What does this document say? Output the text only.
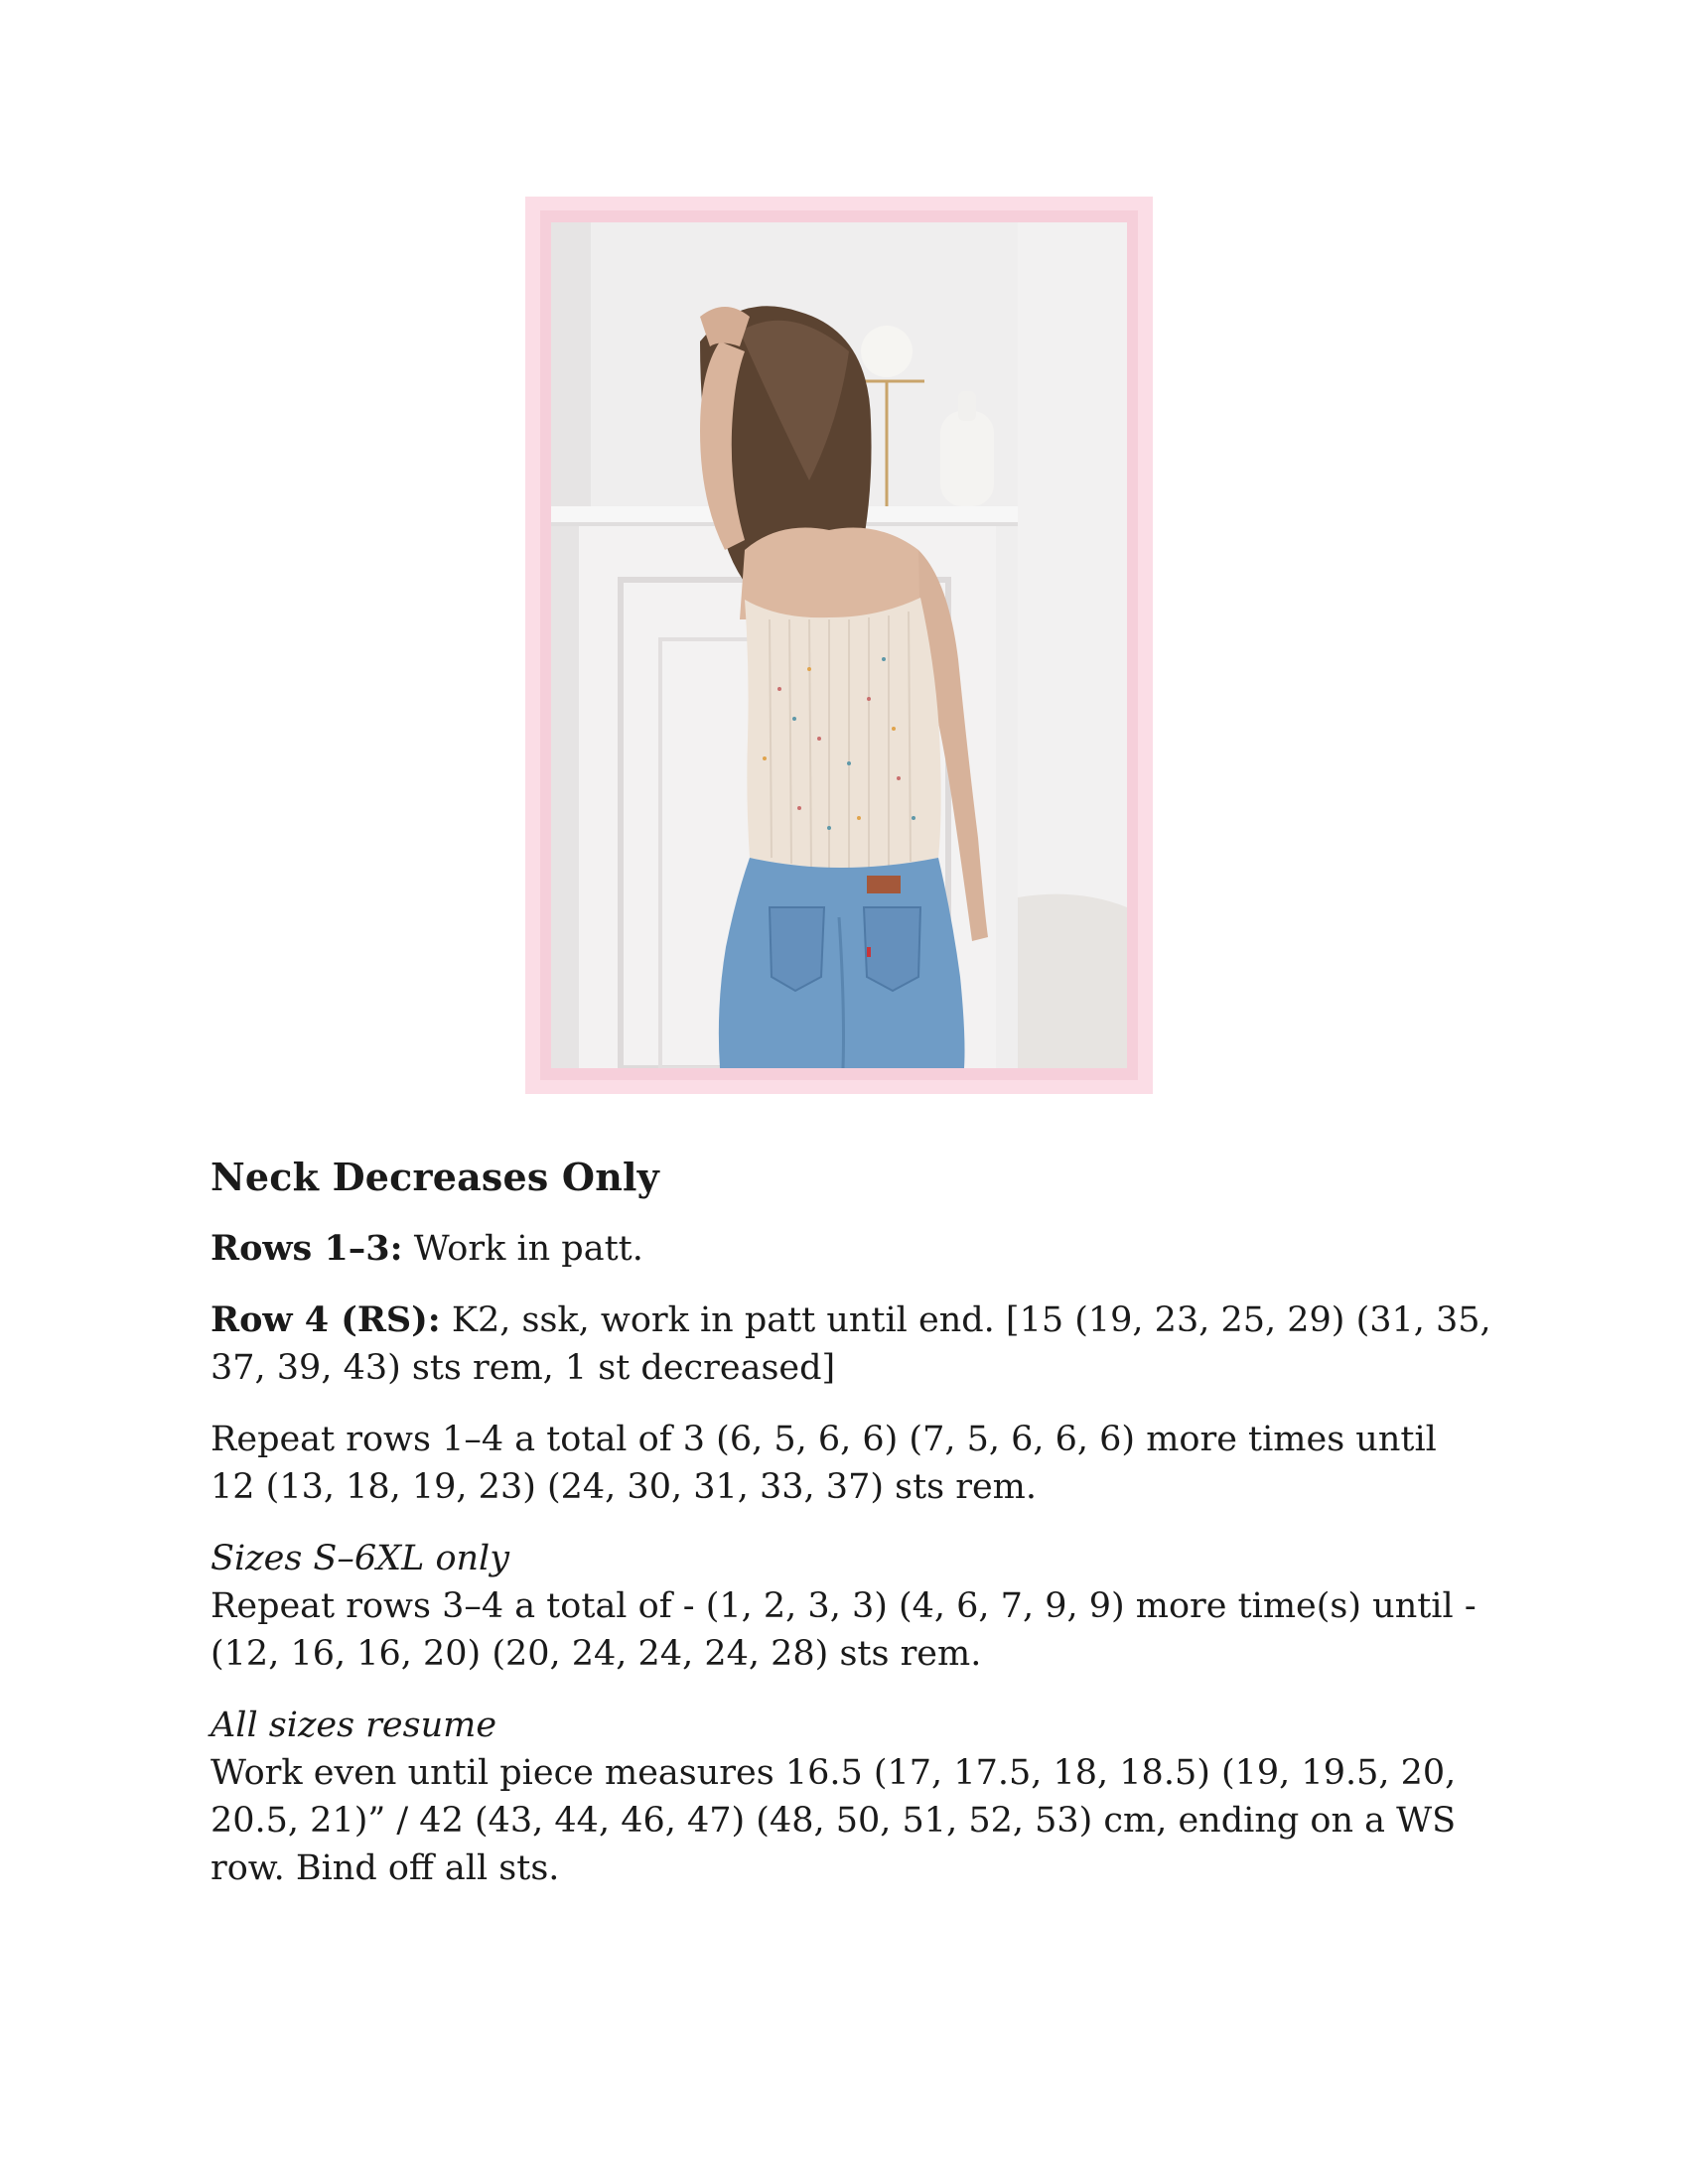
Neck Decreases Only

Rows 1–3: Work in patt.

Row 4 (RS): K2, ssk, work in patt until end. [15 (19, 23, 25, 29) (31, 35, 37, 39, 43) sts rem, 1 st decreased]

Repeat rows 1–4 a total of 3 (6, 5, 6, 6) (7, 5, 6, 6, 6) more times until 12 (13, 18, 19, 23) (24, 30, 31, 33, 37) sts rem.

Sizes S–6XL only
Repeat rows 3–4 a total of - (1, 2, 3, 3) (4, 6, 7, 9, 9) more time(s) until - (12, 16, 16, 20) (20, 24, 24, 24, 28) sts rem.

All sizes resume
Work even until piece measures 16.5 (17, 17.5, 18, 18.5) (19, 19.5, 20, 20.5, 21)” / 42 (43, 44, 46, 47) (48, 50, 51, 52, 53) cm, ending on a WS row. Bind off all sts.
